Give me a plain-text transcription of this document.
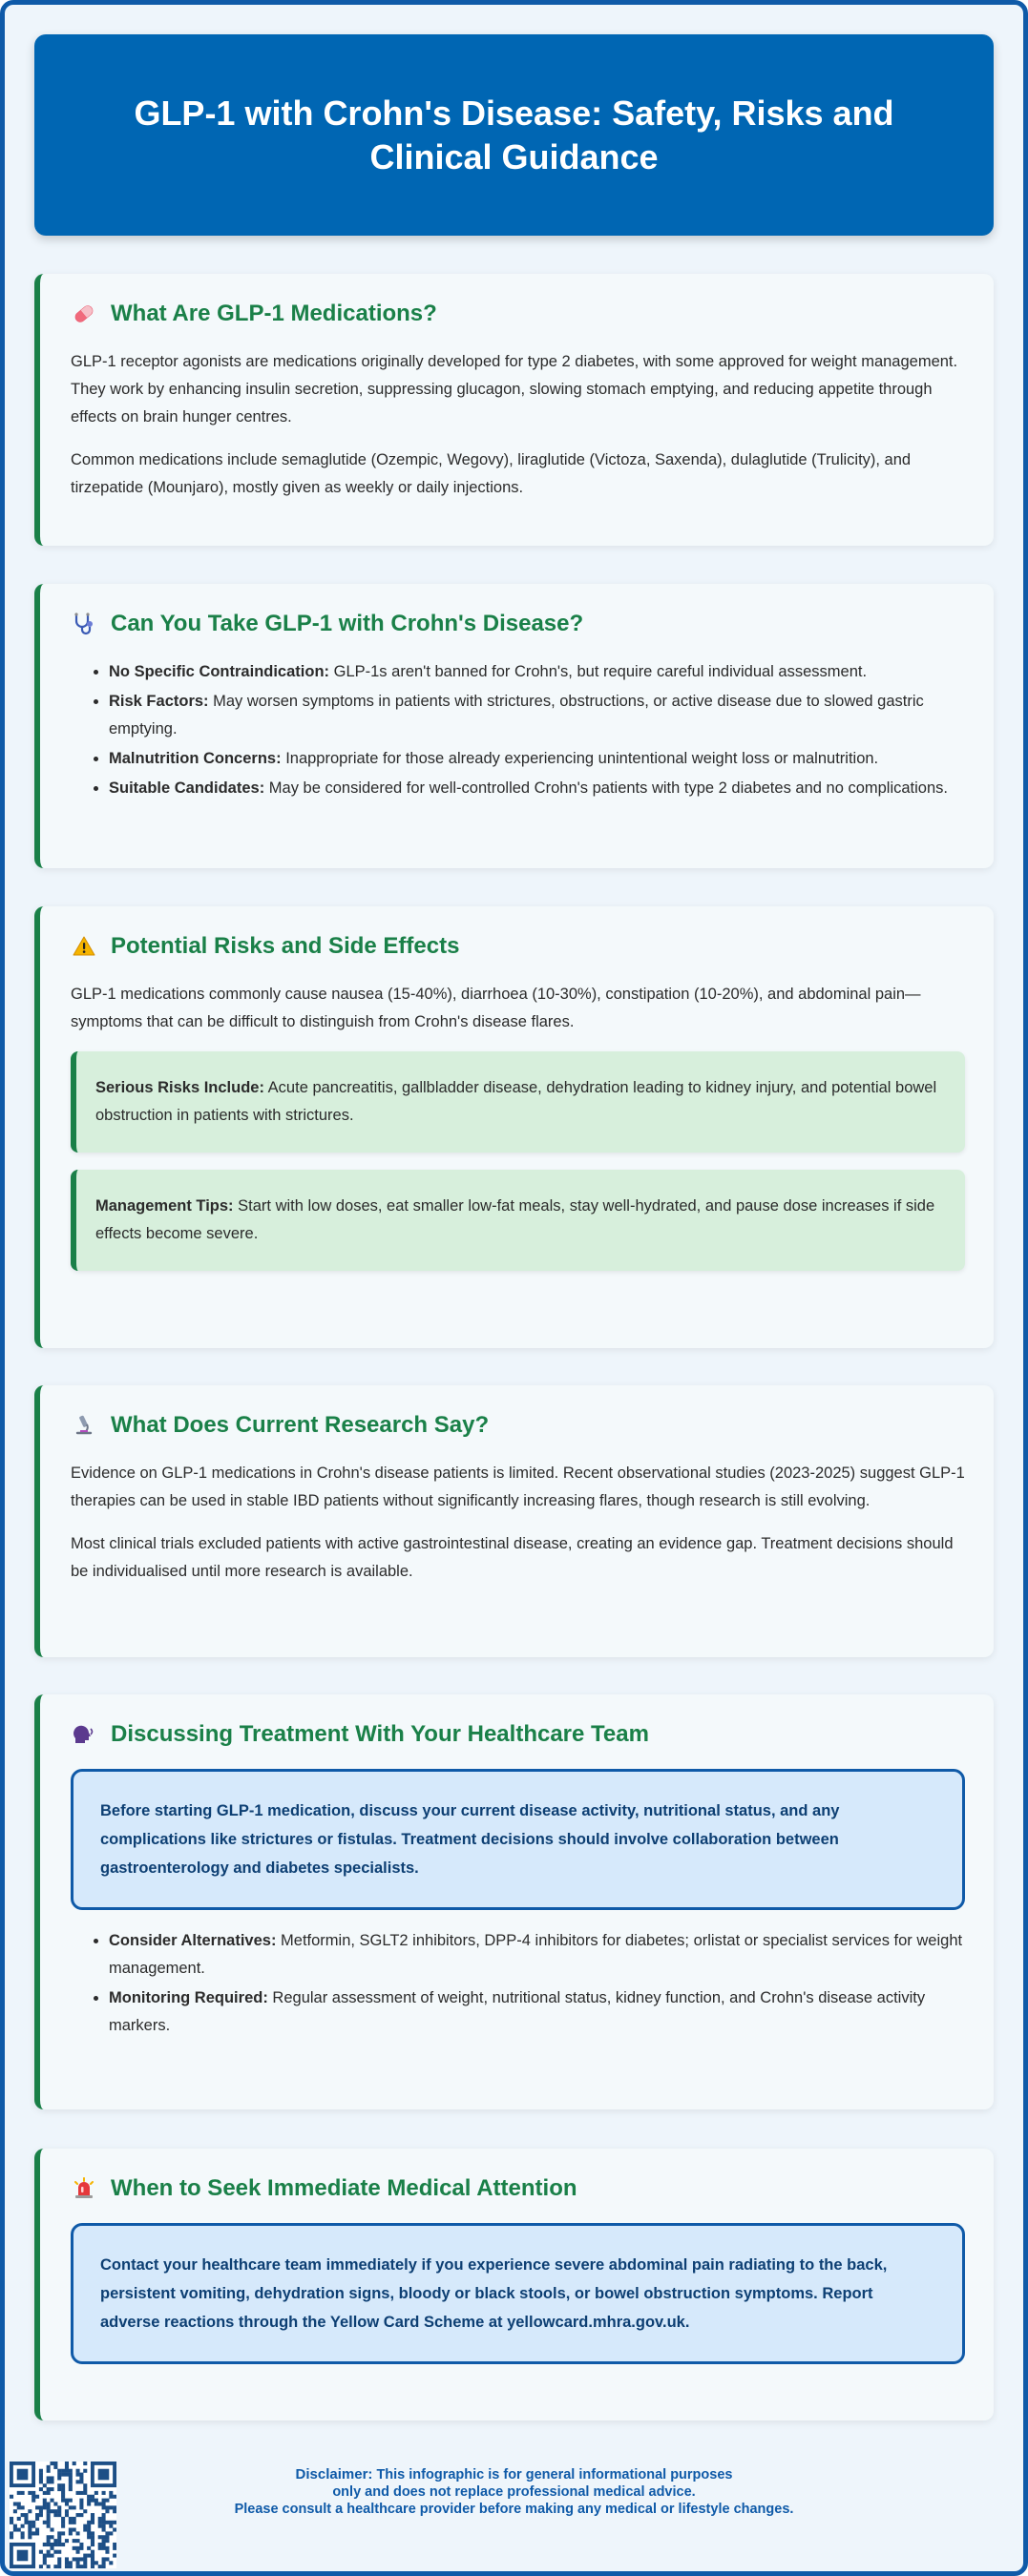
GLP-1 with Crohn's Disease: Safety, Risks and Clinical Guidance
What Are GLP-1 Medications?

GLP-1 receptor agonists are medications originally developed for type 2 diabetes, with some approved for weight management. They work by enhancing insulin secretion, suppressing glucagon, slowing stomach emptying, and reducing appetite through effects on brain hunger centres.

Common medications include semaglutide (Ozempic, Wegovy), liraglutide (Victoza, Saxenda), dulaglutide (Trulicity), and tirzepatide (Mounjaro), mostly given as weekly or daily injections.

Can You Take GLP-1 with Crohn's Disease?
• No Specific Contraindication: GLP-1s aren't banned for Crohn's, but require careful individual assessment.
• Risk Factors: May worsen symptoms in patients with strictures, obstructions, or active disease due to slowed gastric emptying.
• Malnutrition Concerns: Inappropriate for those already experiencing unintentional weight loss or malnutrition.
• Suitable Candidates: May be considered for well-controlled Crohn's patients with type 2 diabetes and no complications.
Potential Risks and Side Effects

GLP-1 medications commonly cause nausea (15-40%), diarrhoea (10-30%), constipation (10-20%), and abdominal pain—symptoms that can be difficult to distinguish from Crohn's disease flares.

Serious Risks Include: Acute pancreatitis, gallbladder disease, dehydration leading to kidney injury, and potential bowel obstruction in patients with strictures.

Management Tips: Start with low doses, eat smaller low-fat meals, stay well-hydrated, and pause dose increases if side effects become severe.

What Does Current Research Say?

Evidence on GLP-1 medications in Crohn's disease patients is limited. Recent observational studies (2023-2025) suggest GLP-1 therapies can be used in stable IBD patients without significantly increasing flares, though research is still evolving.

Most clinical trials excluded patients with active gastrointestinal disease, creating an evidence gap. Treatment decisions should be individualised until more research is available.

Discussing Treatment With Your Healthcare Team

Before starting GLP-1 medication, discuss your current disease activity, nutritional status, and any complications like strictures or fistulas. Treatment decisions should involve collaboration between gastroenterology and diabetes specialists.

• Consider Alternatives: Metformin, SGLT2 inhibitors, DPP-4 inhibitors for diabetes; orlistat or specialist services for weight management.
• Monitoring Required: Regular assessment of weight, nutritional status, kidney function, and Crohn's disease activity markers.
When to Seek Immediate Medical Attention

Contact your healthcare team immediately if you experience severe abdominal pain radiating to the back, persistent vomiting, dehydration signs, bloody or black stools, or bowel obstruction symptoms. Report adverse reactions through the Yellow Card Scheme at yellowcard.mhra.gov.uk.

Disclaimer: This infographic is for general informational purposes
only and does not replace professional medical advice.
Please consult a healthcare provider before making any medical or lifestyle changes.
